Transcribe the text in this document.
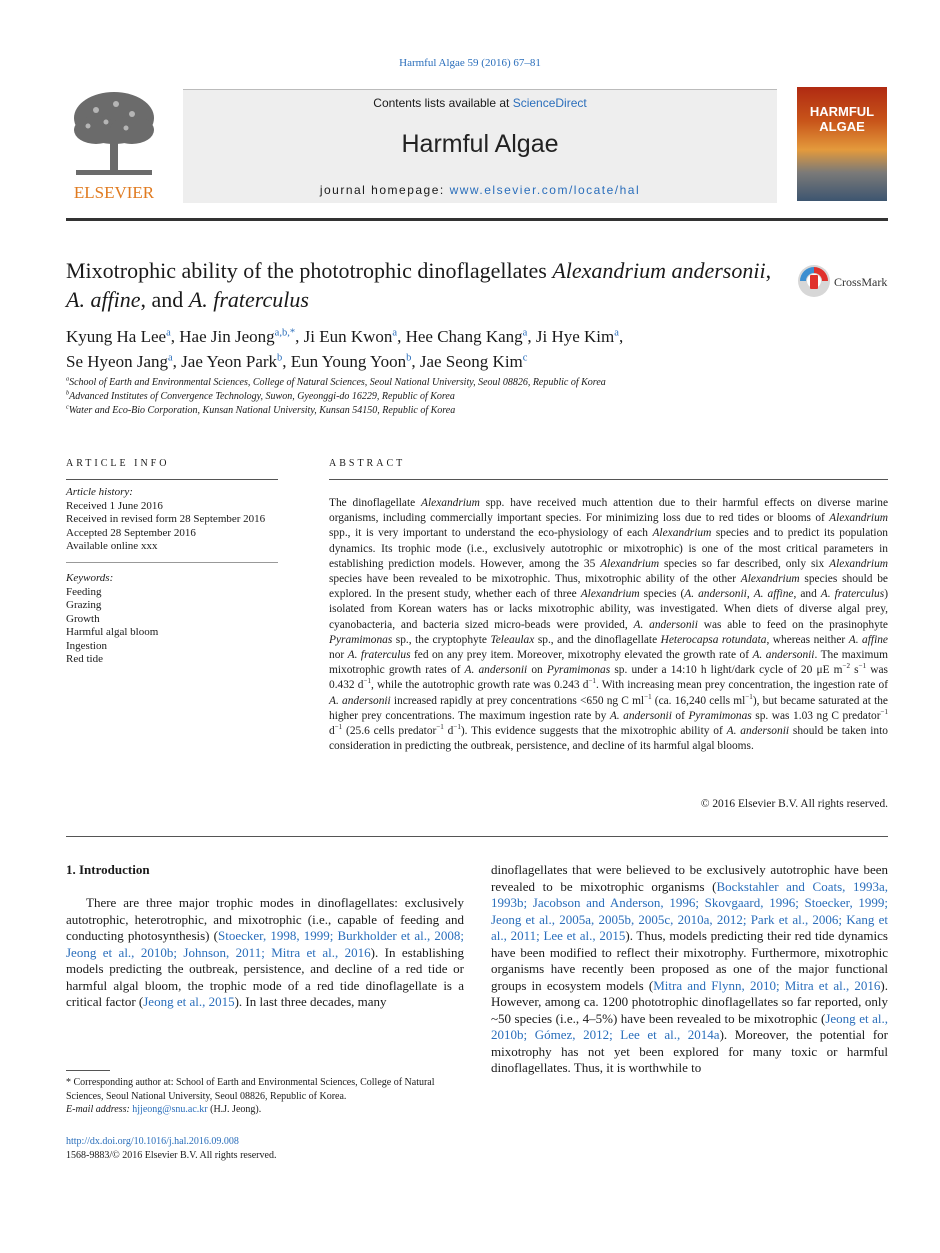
Harmful Algae 59 (2016) 67–81
ELSEVIER
Contents lists available at ScienceDirect
Harmful Algae
journal homepage: www.elsevier.com/locate/hal
HARMFUL
ALGAE
Mixotrophic ability of the phototrophic dinoflagellates Alexandrium andersonii, A. affine, and A. fraterculus
CrossMark
Kyung Ha Lee$^a$, Hae Jin Jeong$^{a,b,*}$, Ji Eun Kwon$^a$, Hee Chang Kang$^a$, Ji Hye Kim$^a$,
Se Hyeon Jang$^a$, Jae Yeon Park$^b$, Eun Young Yoon$^b$, Jae Seong Kim$^c$
$^a$School of Earth and Environmental Sciences, College of Natural Sciences, Seoul National University, Seoul 08826, Republic of Korea
$^b$Advanced Institutes of Convergence Technology, Suwon, Gyeonggi-do 16229, Republic of Korea
$^c$Water and Eco-Bio Corporation, Kunsan National University, Kunsan 54150, Republic of Korea
ARTICLE INFO	ABSTRACT
Article history:
Received 1 June 2016
Received in revised form 28 September 2016
Accepted 28 September 2016
Available online xxx
Keywords:
Feeding
Grazing
Growth
Harmful algal bloom
Ingestion
Red tide
The dinoflagellate Alexandrium spp. have received much attention due to their harmful effects on diverse marine organisms, including commercially important species. For minimizing loss due to red tides or blooms of Alexandrium spp., it is very important to understand the eco-physiology of each Alexandrium species and to predict its population dynamics. Its trophic mode (i.e., exclusively autotrophic or mixotrophic) is one of the most critical parameters in establishing prediction models. However, among the 35 Alexandrium species so far described, only six Alexandrium species have been revealed to be mixotrophic. Thus, mixotrophic ability of the other Alexandrium species should be explored. In the present study, whether each of three Alexandrium species (A. andersonii, A. affine, and A. fraterculus) isolated from Korean waters has or lacks mixotrophic ability, was investigated. When diets of diverse algal prey, cyanobacteria, and bacteria sized micro-beads were provided, A. andersonii was able to feed on the prasinophyte Pyramimonas sp., the cryptophyte Teleaulax sp., and the dinoflagellate Heterocapsa rotundata, whereas neither A. affine nor A. fraterculus fed on any prey item. Moreover, mixotrophy elevated the growth rate of A. andersonii. The maximum mixotrophic growth rates of A. andersonii on Pyramimonas sp. under a 14:10 h light/dark cycle of 20 μE $m^{-2}$ $s^{-1}$ was 0.432 $d^{-1}$, while the autotrophic growth rate was 0.243 $d^{-1}$. With increasing mean prey concentration, the ingestion rate of A. andersonii increased rapidly at prey concentrations <650 ng C $ml^{-1}$ (ca. 16,240 cells $ml^{-1}$), but became saturated at the higher prey concentrations. The maximum ingestion rate by A. andersonii of Pyramimonas sp. was 1.03 ng C predator$^{-1}$ $d^{-1}$ (25.6 cells predator$^{-1}$ $d^{-1}$). This evidence suggests that the mixotrophic ability of A. andersonii should be taken into consideration in predicting the outbreak, persistence, and decline of its harmful algal blooms.
© 2016 Elsevier B.V. All rights reserved.
1. Introduction
There are three major trophic modes in dinoflagellates: exclusively autotrophic, heterotrophic, and mixotrophic (i.e., capable of feeding and conducting photosynthesis) (Stoecker, 1998, 1999; Burkholder et al., 2008; Jeong et al., 2010b; Johnson, 2011; Mitra et al., 2016). In establishing models predicting the outbreak, persistence, and decline of a red tide or harmful algal bloom, the trophic mode of a red tide dinoflagellate is a critical factor (Jeong et al., 2015). In last three decades, many
dinoflagellates that were believed to be exclusively autotrophic have been revealed to be mixotrophic organisms (Bockstahler and Coats, 1993a, 1993b; Jacobson and Anderson, 1996; Skovgaard, 1996; Stoecker, 1999; Jeong et al., 2005a, 2005b, 2005c, 2010a, 2012; Park et al., 2006; Kang et al., 2011; Lee et al., 2015). Thus, models predicting their red tide dynamics have been modified to reflect their mixotrophy. Furthermore, mixotrophic organisms have recently been proposed as one of the major functional groups in ecosystem models (Mitra and Flynn, 2010; Mitra et al., 2016). However, among ca. 1200 phototrophic dinoflagellates so far reported, only ~50 species (i.e., 4–5%) have been revealed to be mixotrophic (Jeong et al., 2010b; Gómez, 2012; Lee et al., 2014a). Moreover, the potential for mixotrophy has not yet been explored for many toxic or harmful dinoflagellates. Thus, it is worthwhile to
* Corresponding author at: School of Earth and Environmental Sciences, College of Natural Sciences, Seoul National University, Seoul 08826, Republic of Korea.
E-mail address: hjjeong@snu.ac.kr (H.J. Jeong).
http://dx.doi.org/10.1016/j.hal.2016.09.008
1568-9883/© 2016 Elsevier B.V. All rights reserved.
